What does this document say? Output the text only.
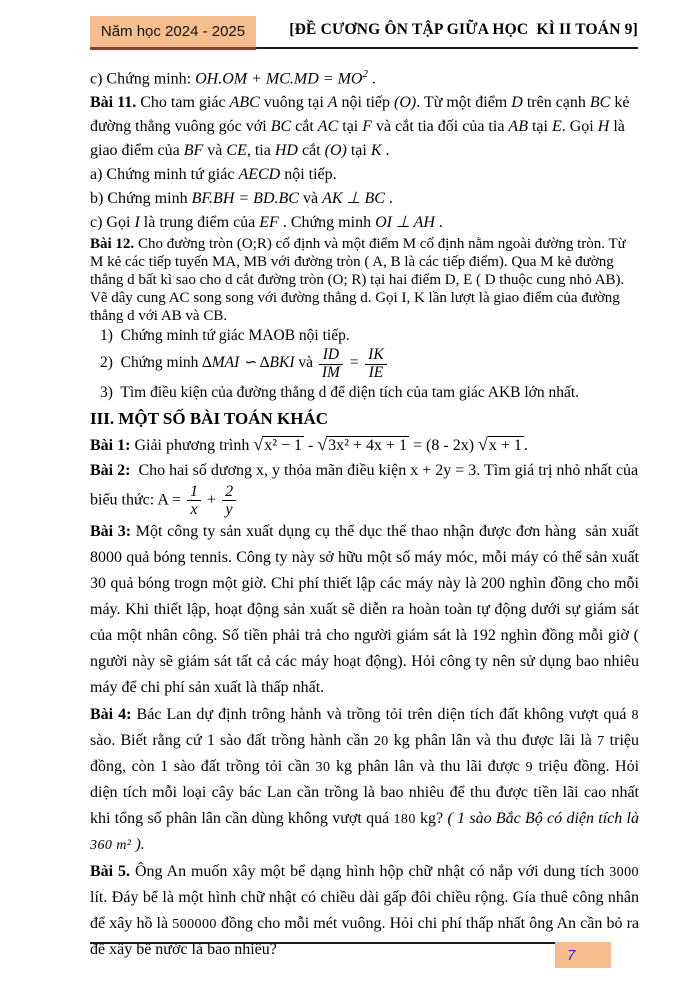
Năm học 2024 - 2025	[ĐỀ CƯƠNG ÔN TẬP GIỮA HỌC  KÌ II TOÁN 9]

c) Chứng minh: $OH.OM + MC.MD = MO^2$ .

Bài 11. Cho tam giác ABC vuông tại A nội tiếp (O). Từ một điểm D trên cạnh BC kẻ đường thẳng vuông góc với BC cắt AC tại F và cắt tia đối của tia AB tại E. Gọi H là giao điểm của BF và CE, tia HD cắt (O) tại K .

a) Chứng minh tứ giác AECD nội tiếp.

b) Chứng minh BF.BH = BD.BC và AK ⊥ BC .

c) Gọi I là trung điểm của EF . Chứng minh OI ⊥ AH .

Bài 12. Cho đường tròn (O;R) cố định và một điểm M cố định nằm ngoài đường tròn. Từ M kẻ các tiếp tuyến MA, MB với đường tròn ( A, B là các tiếp điểm). Qua M kẻ đường thẳng d bất kì sao cho d cắt đường tròn (O; R) tại hai điểm D, E ( D thuộc cung nhỏ AB). Vẽ dây cung AC song song với đường thẳng d. Gọi I, K lần lượt là giao điểm của đường thẳng d với AB và CB.

1)  Chứng minh tứ giác MAOB nội tiếp.

2)  Chứng minh ∆MAI ∽ ∆BKI và $\frac{ID}{IM} = \frac{IK}{IE}$

3)  Tìm điều kiện của đường thẳng d để diện tích của tam giác AKB lớn nhất.

III. MỘT SỐ BÀI TOÁN KHÁC

Bài 1: Giải phương trình √x² − 1 - √3x² + 4x + 1 = (8 - 2x) √x + 1 .

Bài 2:  Cho hai số dương x, y thỏa mãn điều kiện x + 2y = 3. Tìm giá trị nhỏ nhất của biểu thức: $A = \frac{1}{x} + \frac{2}{y}$

Bài 3: Một công ty sản xuất dụng cụ thể dục thể thao nhận được đơn hàng  sản xuất 8000 quả bóng tennis. Công ty này sở hữu một số máy móc, mỗi máy có thể sản xuất 30 quả bóng trogn một giờ. Chi phí thiết lập các máy này là 200 nghìn đồng cho mỗi máy. Khi thiết lập, hoạt động sản xuất sẽ diễn ra hoàn toàn tự động dưới sự giám sát của một nhân công. Số tiền phải trả cho người giám sát là 192 nghìn đồng mỗi giờ ( người này sẽ giám sát tất cả các máy hoạt động). Hỏi công ty nên sử dụng bao nhiêu máy để chi phí sản xuất là thấp nhất.

Bài 4: Bác Lan dự định trông hành và trồng tỏi trên diện tích đất không vượt quá 8 sào. Biết rằng cứ 1 sào đất trồng hành cần 20 kg phân lân và thu được lãi là 7 triệu đồng, còn 1 sào đất trồng tỏi cần 30 kg phân lân và thu lãi được 9 triệu đồng. Hỏi diện tích mỗi loại cây bác Lan cần trồng là bao nhiêu để thu được tiền lãi cao nhất khi tổng số phân lân cần dùng không vượt quá 180 kg? ( 1 sào Bắc Bộ có diện tích là 360 m² ).

Bài 5. Ông An muốn xây một bể dạng hình hộp chữ nhật có nắp với dung tích 3000 lít. Đáy bể là một hình chữ nhật có chiều dài gấp đôi chiều rộng. Gía thuê công nhân để xây hồ là 500000 đồng cho mỗi mét vuông. Hỏi chi phí thấp nhất ông An cần bỏ ra để xây bể nước là bao nhiêu?	7
